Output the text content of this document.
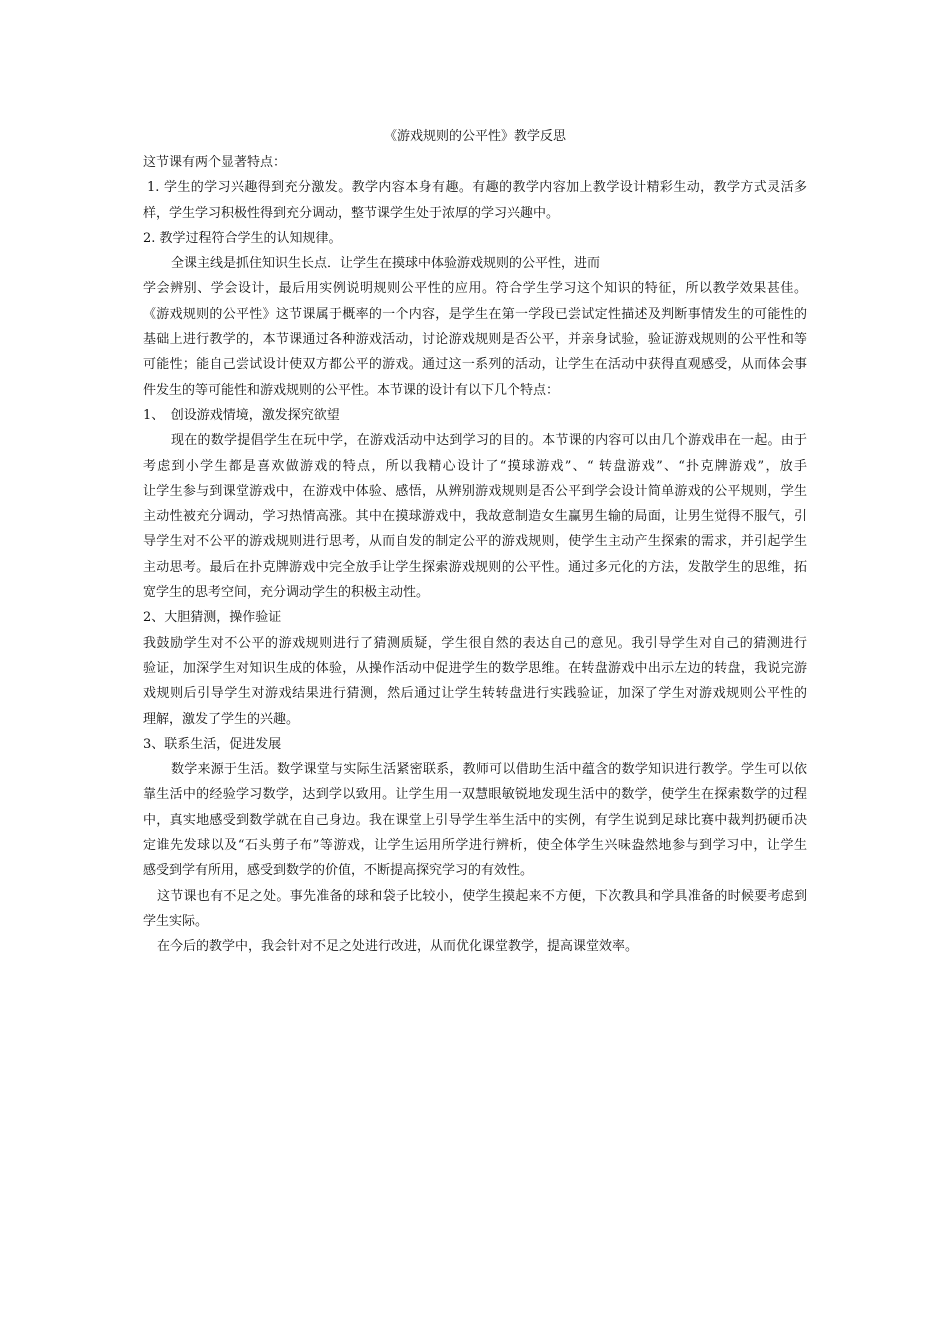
《游戏规则的公平性》教学反思
这节课有两个显著特点：
1. 学生的学习兴趣得到充分激发。教学内容本身有趣。有趣的教学内容加上教学设计精彩生动，教学方式灵活多
样，学生学习积极性得到充分调动，整节课学生处于浓厚的学习兴趣中。
2. 教学过程符合学生的认知规律。
全课主线是抓住知识生长点．让学生在摸球中体验游戏规则的公平性，进而
学会辨别、学会设计，最后用实例说明规则公平性的应用。符合学生学习这个知识的特征，所以教学效果甚佳。
《游戏规则的公平性》这节课属于概率的一个内容，是学生在第一学段已尝试定性描述及判断事情发生的可能性的
基础上进行教学的，本节课通过各种游戏活动，讨论游戏规则是否公平，并亲身试验，验证游戏规则的公平性和等
可能性；能自己尝试设计使双方都公平的游戏。通过这一系列的活动，让学生在活动中获得直观感受，从而体会事
件发生的等可能性和游戏规则的公平性。本节课的设计有以下几个特点：
1、　创设游戏情境，激发探究欲望
现在的数学提倡学生在玩中学，在游戏活动中达到学习的目的。本节课的内容可以由几个游戏串在一起。由于
考虑到小学生都是喜欢做游戏的特点，所以我精心设计了“摸球游戏”、“ 转盘游戏”、“扑克牌游戏”，放手
让学生参与到课堂游戏中，在游戏中体验、感悟，从辨别游戏规则是否公平到学会设计简单游戏的公平规则，学生
主动性被充分调动，学习热情高涨。其中在摸球游戏中，我故意制造女生赢男生输的局面，让男生觉得不服气，引
导学生对不公平的游戏规则进行思考，从而自发的制定公平的游戏规则，使学生主动产生探索的需求，并引起学生
主动思考。最后在扑克牌游戏中完全放手让学生探索游戏规则的公平性。通过多元化的方法，发散学生的思维，拓
宽学生的思考空间，充分调动学生的积极主动性。
2、大胆猜测，操作验证
我鼓励学生对不公平的游戏规则进行了猜测质疑，学生很自然的表达自己的意见。我引导学生对自己的猜测进行
验证，加深学生对知识生成的体验，从操作活动中促进学生的数学思维。在转盘游戏中出示左边的转盘，我说完游
戏规则后引导学生对游戏结果进行猜测，然后通过让学生转转盘进行实践验证，加深了学生对游戏规则公平性的
理解，激发了学生的兴趣。
3、联系生活，促进发展
数学来源于生活。数学课堂与实际生活紧密联系，教师可以借助生活中蕴含的数学知识进行教学。学生可以依
靠生活中的经验学习数学，达到学以致用。让学生用一双慧眼敏锐地发现生活中的数学，使学生在探索数学的过程
中，真实地感受到数学就在自己身边。我在课堂上引导学生举生活中的实例，有学生说到足球比赛中裁判扔硬币决
定谁先发球以及“石头剪子布”等游戏，让学生运用所学进行辨析，使全体学生兴味盎然地参与到学习中，让学生
感受到学有所用，感受到数学的价值，不断提高探究学习的有效性。
这节课也有不足之处。事先准备的球和袋子比较小，使学生摸起来不方便，下次教具和学具准备的时候要考虑到
学生实际。
在今后的教学中，我会针对不足之处进行改进，从而优化课堂教学，提高课堂效率。
